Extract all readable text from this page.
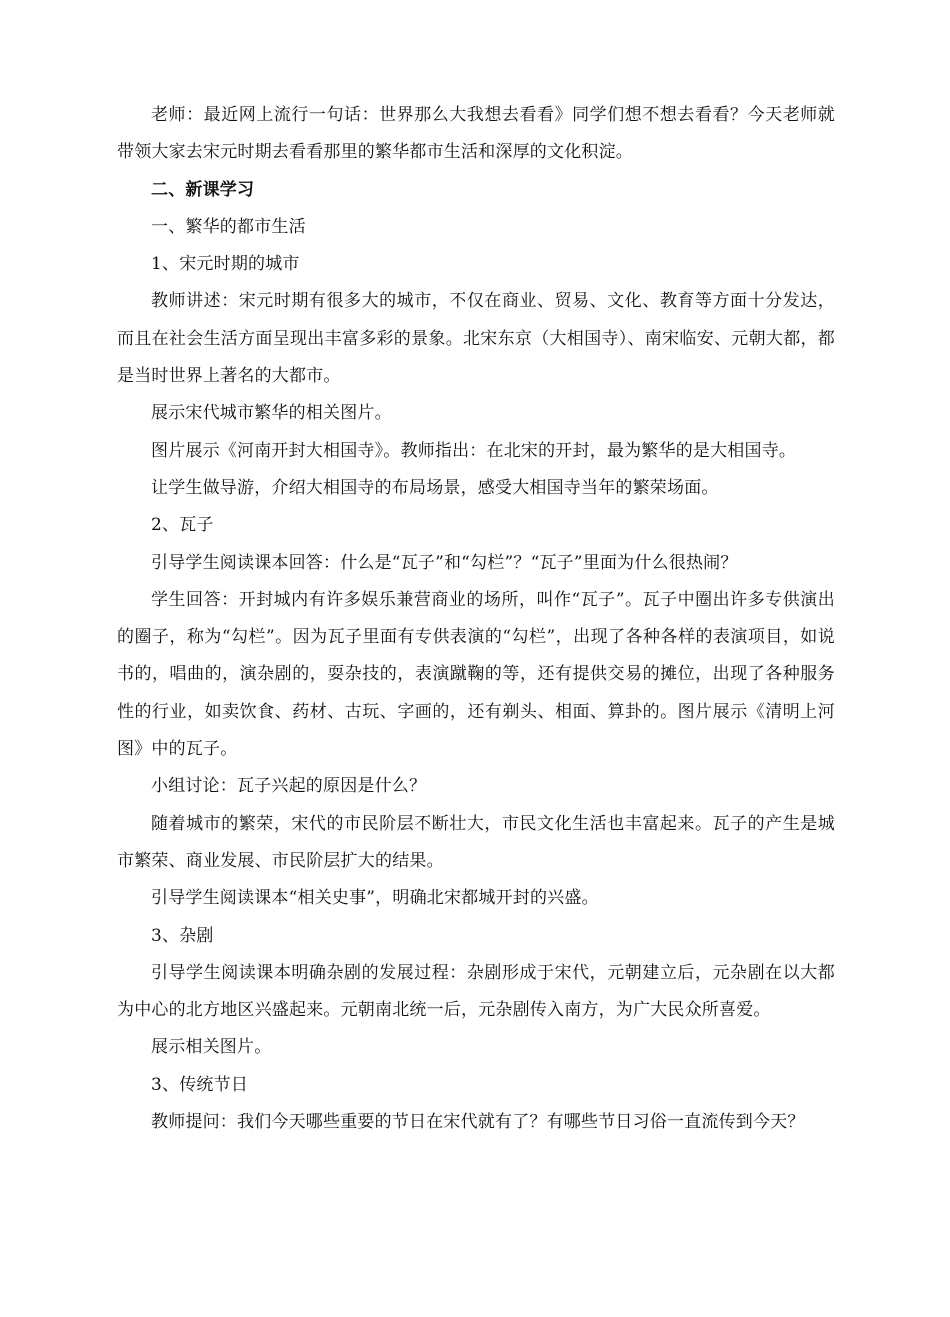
老师：最近网上流行一句话：世界那么大我想去看看》同学们想不想去看看？今天老师就带领大家去宋元时期去看看那里的繁华都市生活和深厚的文化积淀。

二、新课学习

一、繁华的都市生活

1、宋元时期的城市

教师讲述：宋元时期有很多大的城市，不仅在商业、贸易、文化、教育等方面十分发达，而且在社会生活方面呈现出丰富多彩的景象。北宋东京（大相国寺）、南宋临安、元朝大都，都是当时世界上著名的大都市。

展示宋代城市繁华的相关图片。

图片展示《河南开封大相国寺》。教师指出：在北宋的开封，最为繁华的是大相国寺。

让学生做导游，介绍大相国寺的布局场景，感受大相国寺当年的繁荣场面。

2、瓦子

引导学生阅读课本回答：什么是“瓦子”和“勾栏”？“瓦子”里面为什么很热闹？

学生回答：开封城内有许多娱乐兼营商业的场所，叫作“瓦子”。瓦子中圈出许多专供演出的圈子，称为“勾栏”。因为瓦子里面有专供表演的“勾栏”，出现了各种各样的表演项目，如说书的，唱曲的，演杂剧的，耍杂技的，表演蹴鞠的等，还有提供交易的摊位，出现了各种服务性的行业，如卖饮食、药材、古玩、字画的，还有剃头、相面、算卦的。图片展示《清明上河图》中的瓦子。

小组讨论：瓦子兴起的原因是什么？

随着城市的繁荣，宋代的市民阶层不断壮大，市民文化生活也丰富起来。瓦子的产生是城市繁荣、商业发展、市民阶层扩大的结果。

引导学生阅读课本“相关史事”，明确北宋都城开封的兴盛。

3、杂剧

引导学生阅读课本明确杂剧的发展过程：杂剧形成于宋代，元朝建立后，元杂剧在以大都为中心的北方地区兴盛起来。元朝南北统一后，元杂剧传入南方，为广大民众所喜爱。

展示相关图片。

3、传统节日

教师提问：我们今天哪些重要的节日在宋代就有了？有哪些节日习俗一直流传到今天？
